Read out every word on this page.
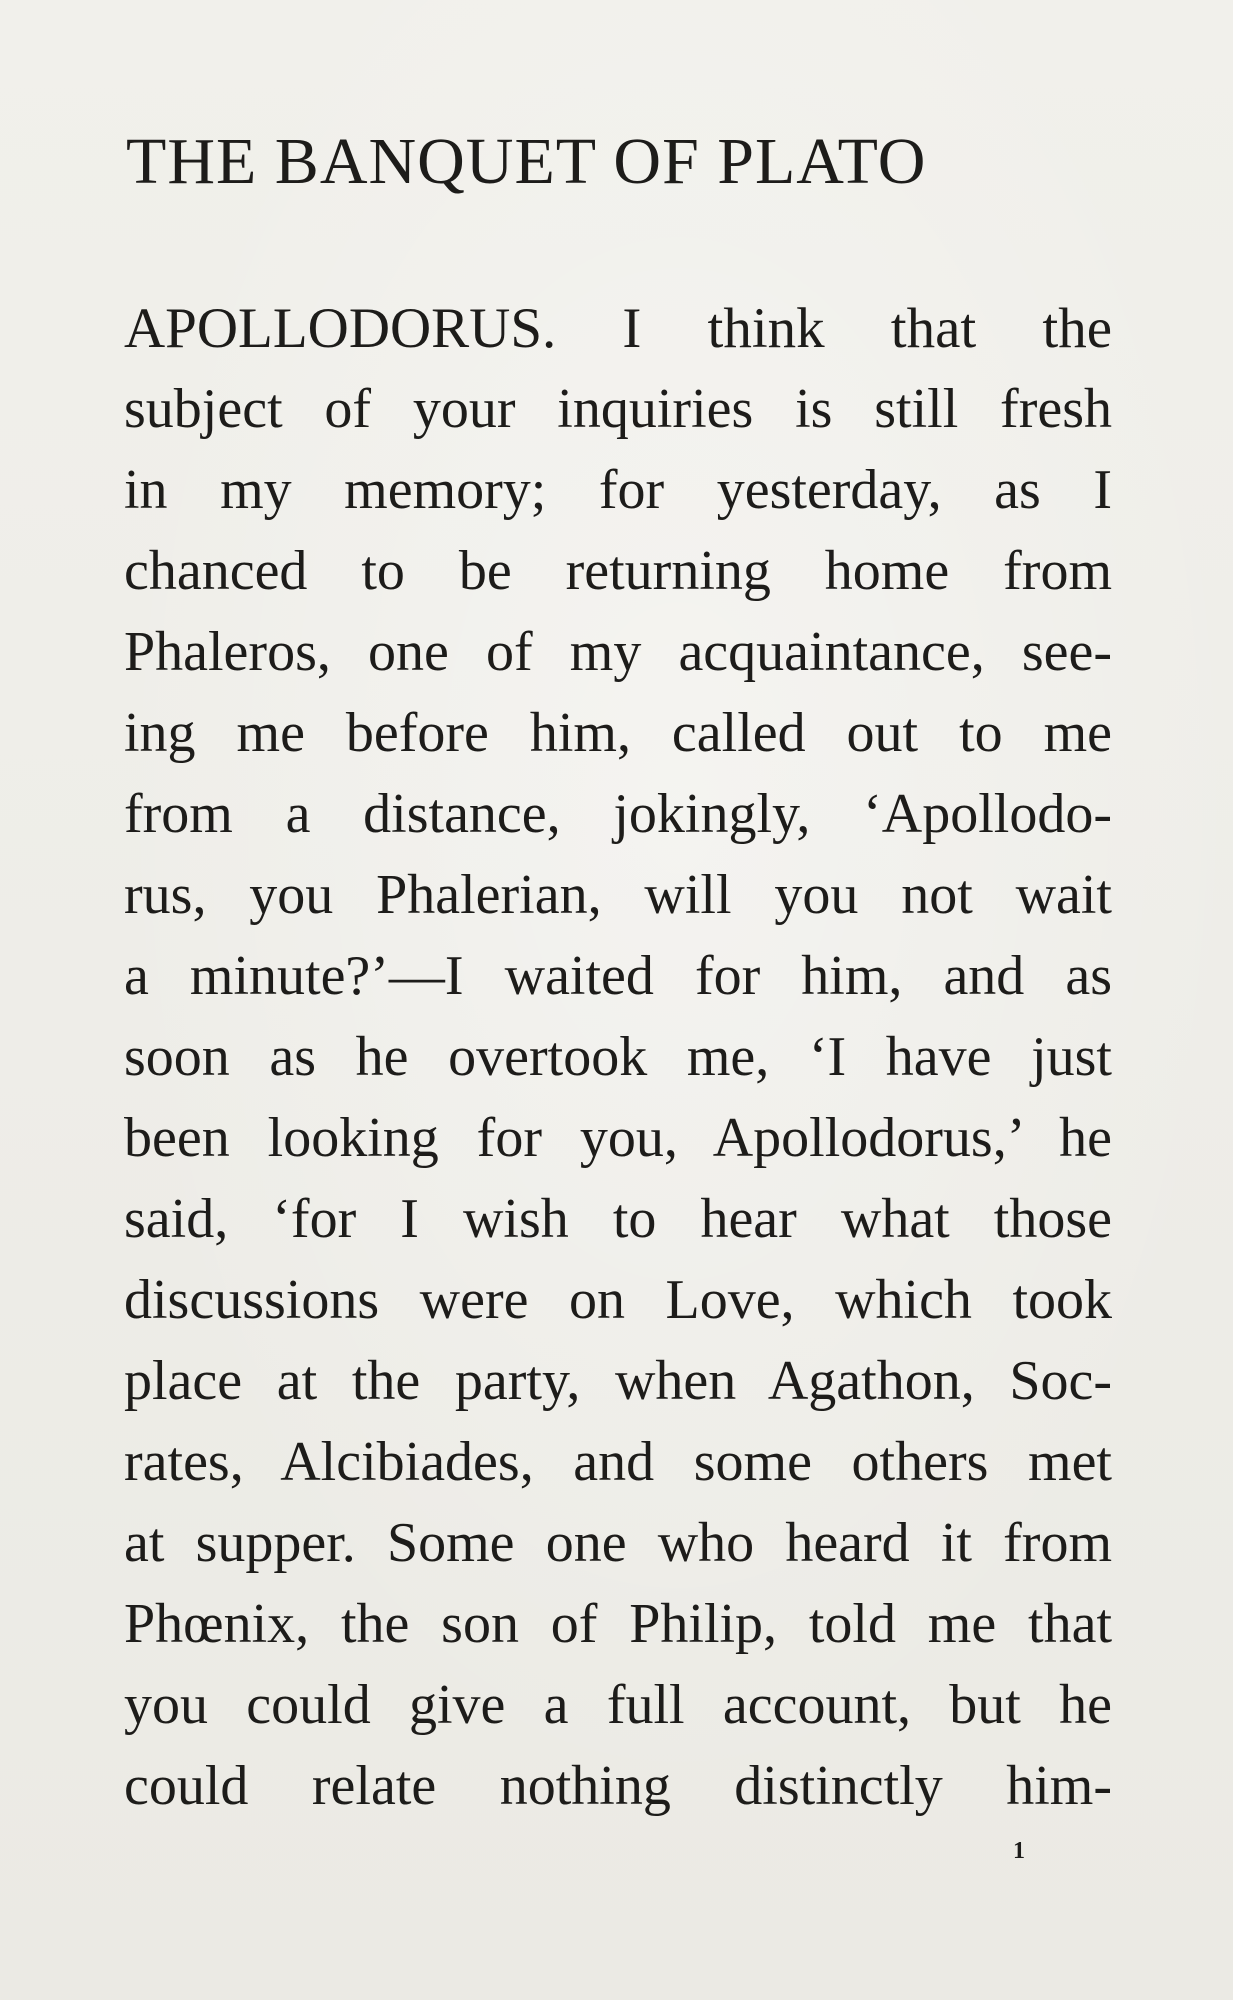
THE BANQUET OF PLATO
APOLLODORUS. I think that the
subject of your inquiries is still fresh
in my memory; for yesterday, as I
chanced to be returning home from
Phaleros, one of my acquaintance, see-
ing me before him, called out to me
from a distance, jokingly, ‘Apollodo-
rus, you Phalerian, will you not wait
a minute?’—I waited for him, and as
soon as he overtook me, ‘I have just
been looking for you, Apollodorus,’ he
said, ‘for I wish to hear what those
discussions were on Love, which took
place at the party, when Agathon, Soc-
rates, Alcibiades, and some others met
at supper. Some one who heard it from
Phœnix, the son of Philip, told me that
you could give a full account, but he
could relate nothing distinctly him-
1
